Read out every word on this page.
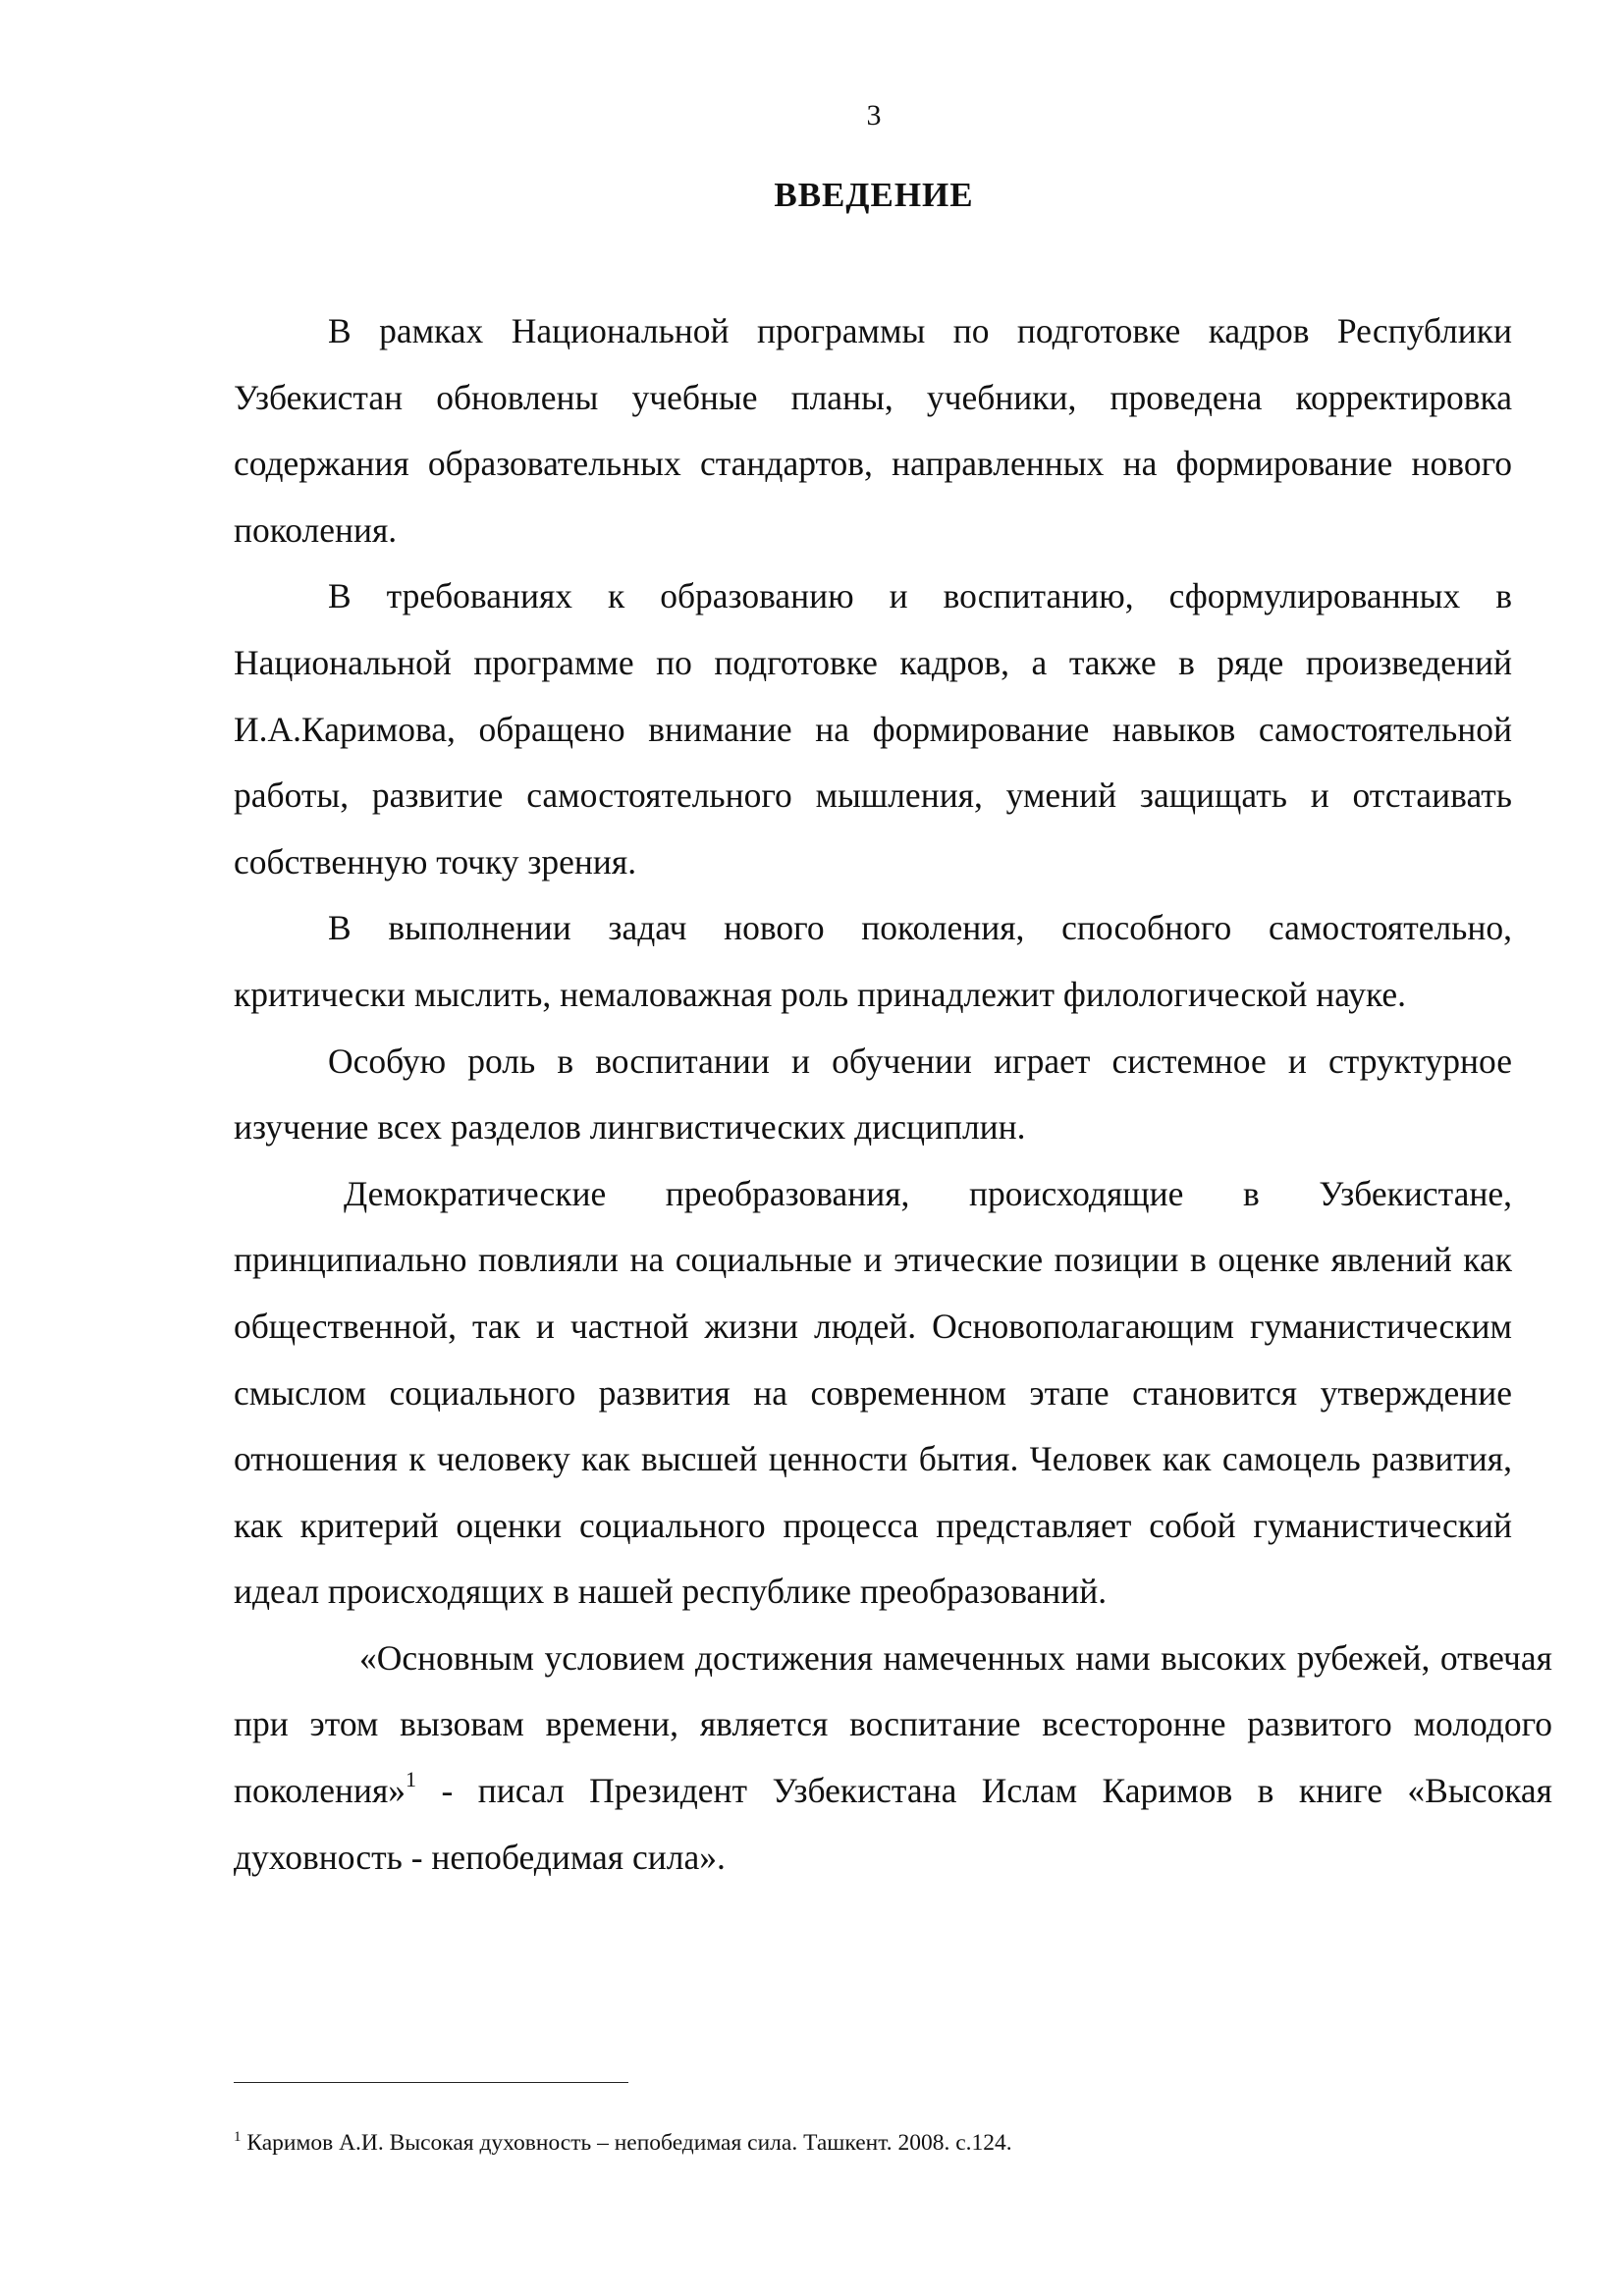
3
ВВЕДЕНИЕ

В рамках Национальной программы по подготовке кадров Республики Узбекистан обновлены учебные планы, учебники, проведена корректировка содержания образовательных стандартов, направленных на формирование нового поколения.

В требованиях к образованию и воспитанию, сформулированных в Национальной программе по подготовке кадров, а также в ряде произведений И.А.Каримова, обращено внимание на формирование навыков самостоятельной работы, развитие самостоятельного мышления, умений защищать и отстаивать собственную точку зрения.

В выполнении задач нового поколения, способного самостоятельно, критически мыслить, немаловажная роль принадлежит филологической науке.

Особую роль в воспитании и обучении играет системное и структурное изучение всех разделов лингвистических дисциплин.

Демократические преобразования, происходящие в Узбекистане, принципиально повлияли на социальные и этические позиции в оценке явлений как общественной, так и частной жизни людей. Основополагающим гуманистическим смыслом социального развития на современном этапе становится утверждение отношения к человеку как высшей ценности бытия. Человек как самоцель развития, как критерий оценки социального процесса представляет собой гуманистический идеал происходящих в нашей республике преобразований.

«Основным условием достижения намеченных нами высоких рубежей, отвечая при этом вызовам времени, является воспитание всесторонне развитого молодого поколения»$^1$ - писал Президент Узбекистана Ислам Каримов в книге «Высокая духовность - непобедимая сила».

$^1$ Каримов А.И. Высокая духовность – непобедимая сила. Ташкент. 2008. с.124.
